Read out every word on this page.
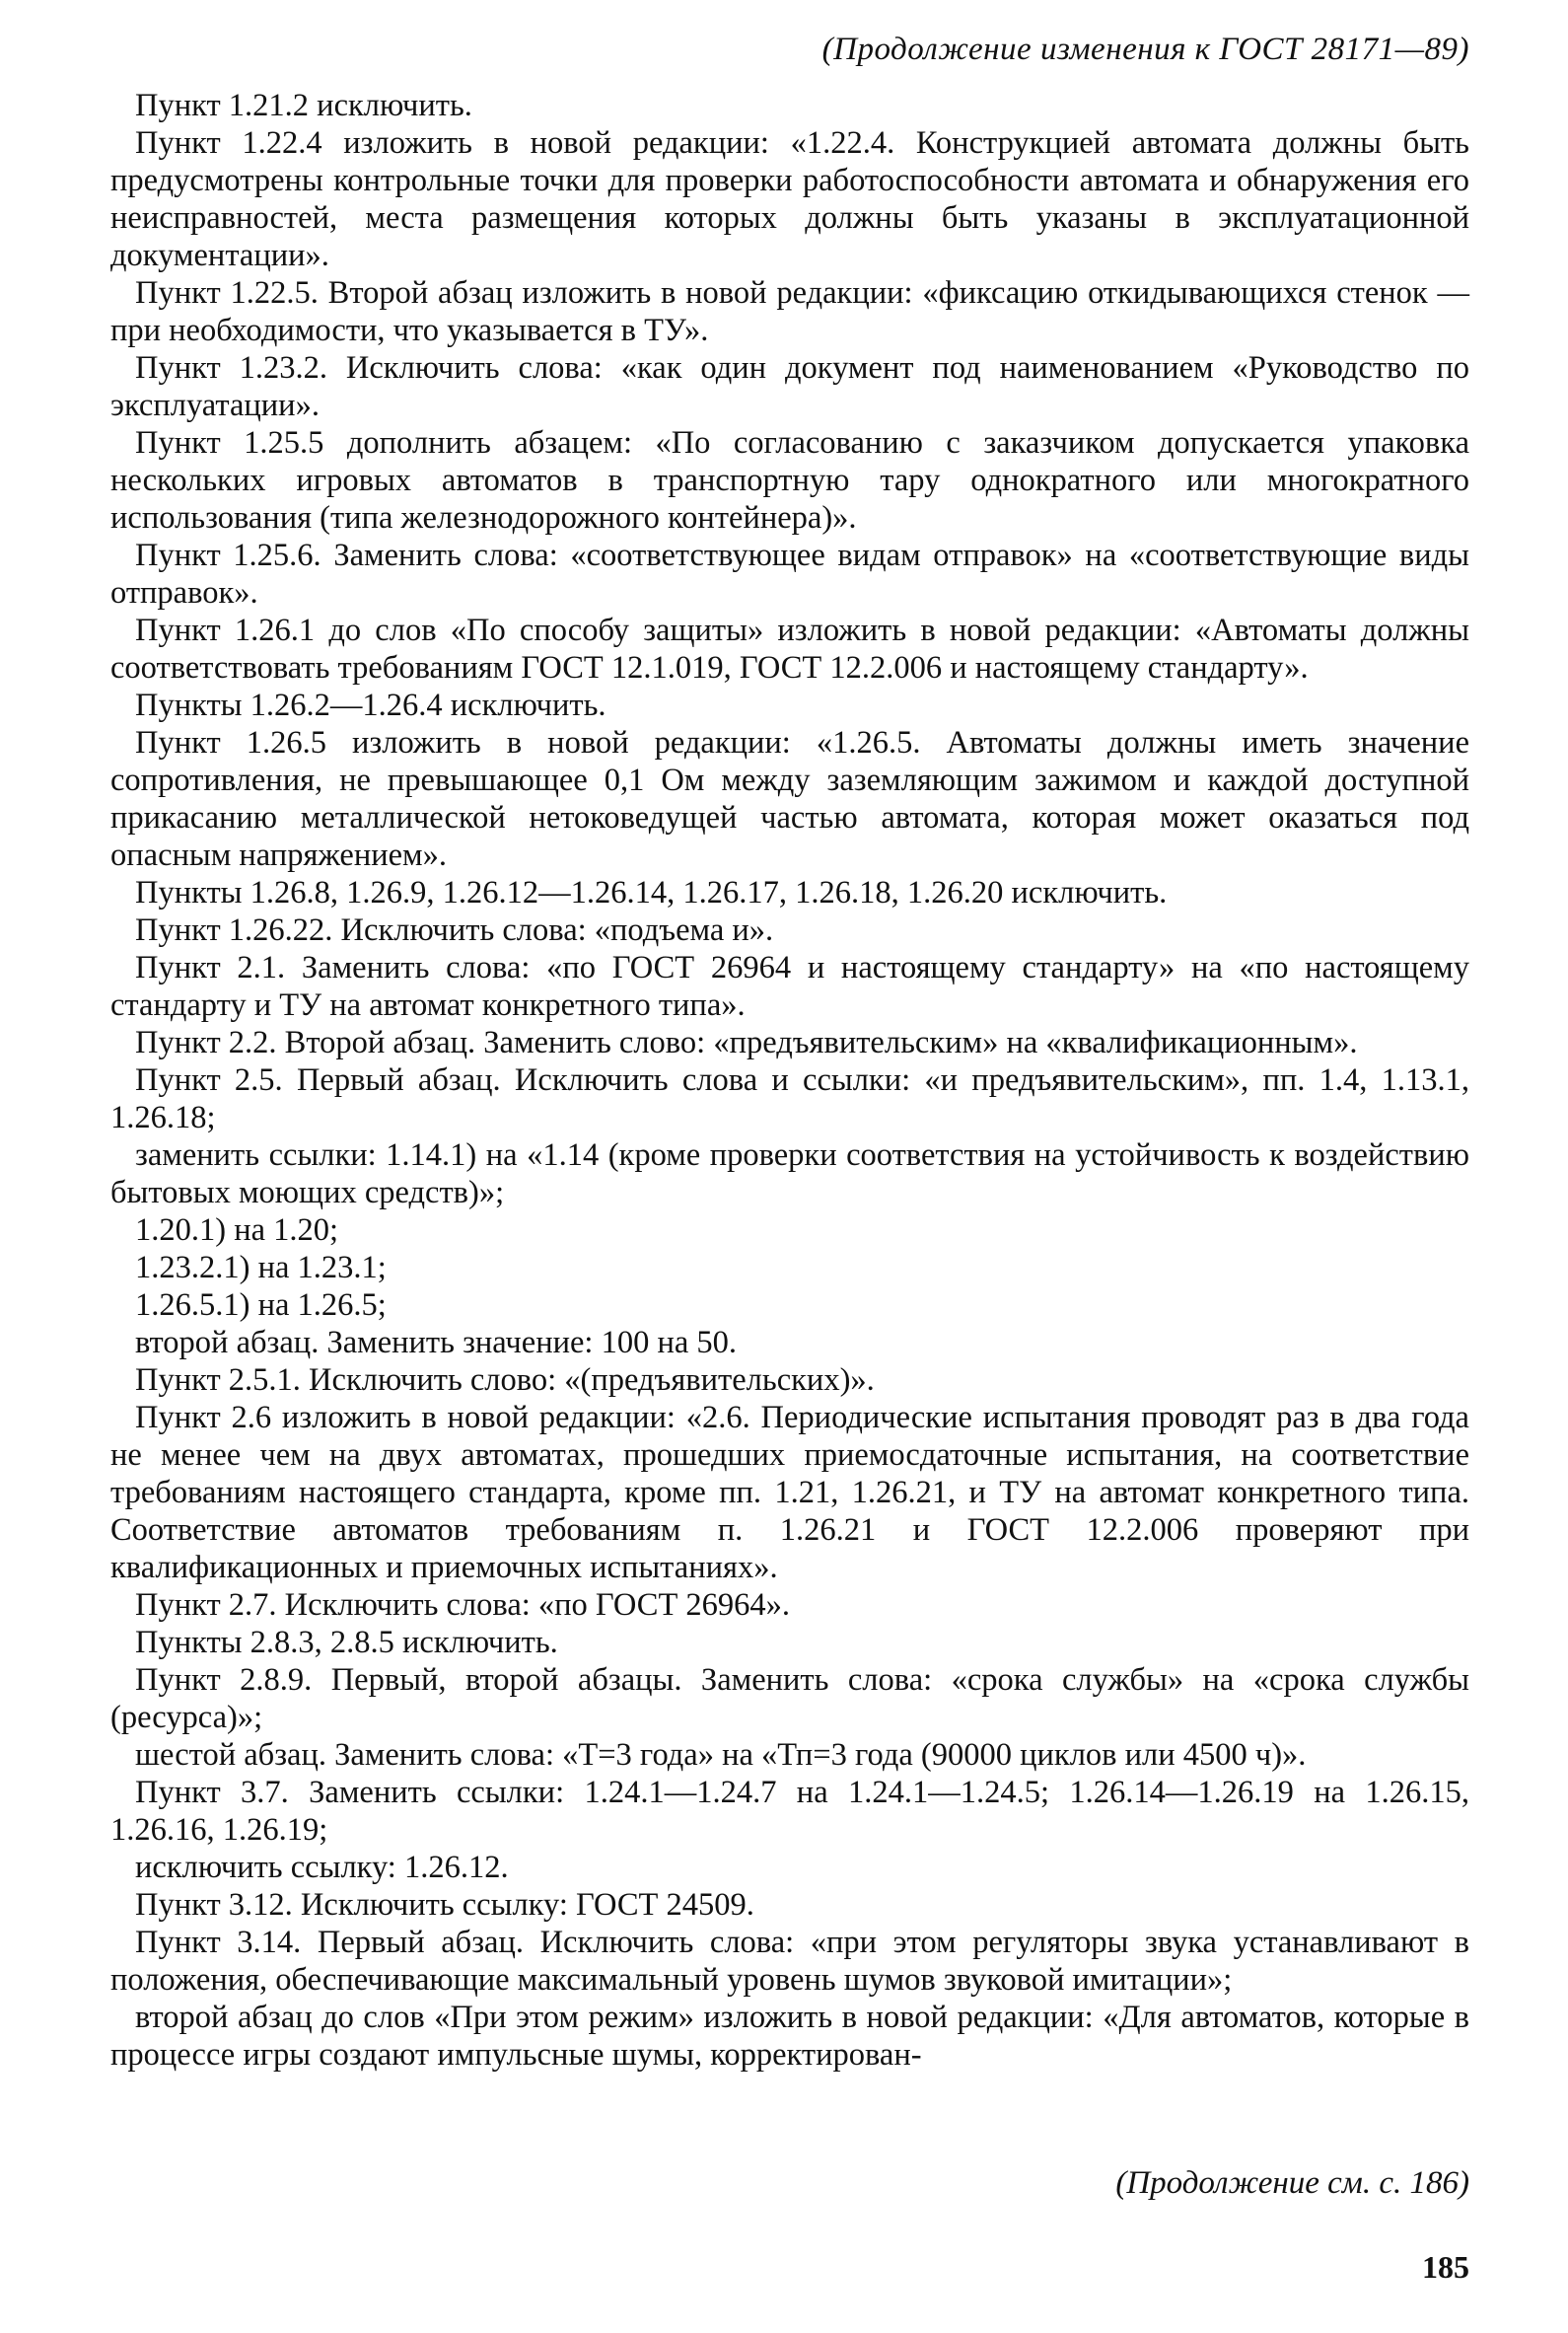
(Продолжение изменения к ГОСТ 28171—89)

Пункт 1.21.2 исключить.

Пункт 1.22.4 изложить в новой редакции: «1.22.4. Конструкцией автомата должны быть предусмотрены контрольные точки для проверки работоспособности автомата и обнаружения его неисправностей, места размещения которых должны быть указаны в эксплуатационной документации».

Пункт 1.22.5. Второй абзац изложить в новой редакции: «фиксацию откидывающихся стенок — при необходимости, что указывается в ТУ».

Пункт 1.23.2. Исключить слова: «как один документ под наименованием «Руководство по эксплуатации».

Пункт 1.25.5 дополнить абзацем: «По согласованию с заказчиком допускается упаковка нескольких игровых автоматов в транспортную тару однократного или многократного использования (типа железнодорожного контейнера)».

Пункт 1.25.6. Заменить слова: «соответствующее видам отправок» на «соответствующие виды отправок».

Пункт 1.26.1 до слов «По способу защиты» изложить в новой редакции: «Автоматы должны соответствовать требованиям ГОСТ 12.1.019, ГОСТ 12.2.006 и настоящему стандарту».

Пункты 1.26.2—1.26.4 исключить.

Пункт 1.26.5 изложить в новой редакции: «1.26.5. Автоматы должны иметь значение сопротивления, не превышающее 0,1 Ом между заземляющим зажимом и каждой доступной прикасанию металлической нетоковедущей частью автомата, которая может оказаться под опасным напряжением».

Пункты 1.26.8, 1.26.9, 1.26.12—1.26.14, 1.26.17, 1.26.18, 1.26.20 исключить.

Пункт 1.26.22. Исключить слова: «подъема и».

Пункт 2.1. Заменить слова: «по ГОСТ 26964 и настоящему стандарту» на «по настоящему стандарту и ТУ на автомат конкретного типа».

Пункт 2.2. Второй абзац. Заменить слово: «предъявительским» на «квалификационным».

Пункт 2.5. Первый абзац. Исключить слова и ссылки: «и предъявительским», пп. 1.4, 1.13.1, 1.26.18;

заменить ссылки: 1.14.1) на «1.14 (кроме проверки соответствия на устойчивость к воздействию бытовых моющих средств)»;

1.20.1) на 1.20;

1.23.2.1) на 1.23.1;

1.26.5.1) на 1.26.5;

второй абзац. Заменить значение: 100 на 50.

Пункт 2.5.1. Исключить слово: «(предъявительских)».

Пункт 2.6 изложить в новой редакции: «2.6. Периодические испытания проводят раз в два года не менее чем на двух автоматах, прошедших приемосдаточные испытания, на соответствие требованиям настоящего стандарта, кроме пп. 1.21, 1.26.21, и ТУ на автомат конкретного типа. Соответствие автоматов требованиям п. 1.26.21 и ГОСТ 12.2.006 проверяют при квалификационных и приемочных испытаниях».

Пункт 2.7. Исключить слова: «по ГОСТ 26964».

Пункты 2.8.3, 2.8.5 исключить.

Пункт 2.8.9. Первый, второй абзацы. Заменить слова: «срока службы» на «срока службы (ресурса)»;

шестой абзац. Заменить слова: «Т=3 года» на «Тп=3 года (90000 циклов или 4500 ч)».

Пункт 3.7. Заменить ссылки: 1.24.1—1.24.7 на 1.24.1—1.24.5; 1.26.14—1.26.19 на 1.26.15, 1.26.16, 1.26.19;

исключить ссылку: 1.26.12.

Пункт 3.12. Исключить ссылку: ГОСТ 24509.

Пункт 3.14. Первый абзац. Исключить слова: «при этом регуляторы звука устанавливают в положения, обеспечивающие максимальный уровень шумов звуковой имитации»;

второй абзац до слов «При этом режим» изложить в новой редакции: «Для автоматов, которые в процессе игры создают импульсные шумы, корректирован-

(Продолжение см. с. 186)
185
